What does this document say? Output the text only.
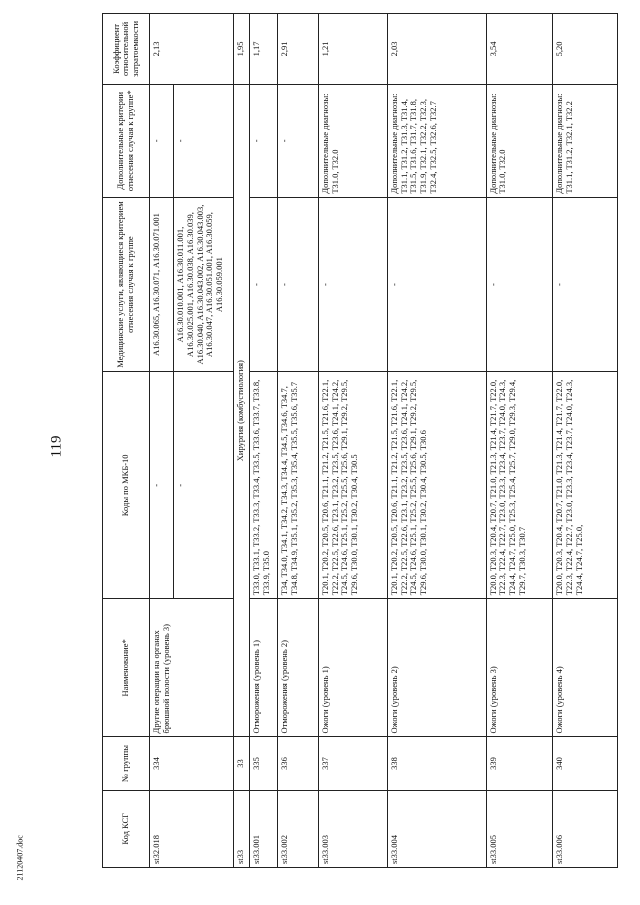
119
21120407.doc
Код КСГ	№ группы	Наименование*	Коды по МКБ-10	Медицинские услуги, являющиеся критерием отнесения случая к группе	Дополнительные критерии отнесения случая к группе*	Коэффициент относительной затратоемкости
st32.018	334	Другие операции на органах брюшной полости (уровень 3)	-	A16.30.065, A16.30.071, A16.30.071.001	-	2,13
			-	A16.30.010.001, A16.30.011.001, A16.30.025.001, A16.30.038, A16.30.039, A16.30.040, A16.30.043.002, A16.30.043.003, A16.30.047, A16.30.051.001, A16.30.059, A16.30.059.001	-	
st33	33	Хирургия (комбустиология)				1,95
st33.001	335	Отморожения (уровень 1)	T33.0, T33.1, T33.2, T33.3, T33.4, T33.5, T33.6, T33.7, T33.8, T33.9, T35.0	-	-	1,17
st33.002	336	Отморожения (уровень 2)	T34, T34.0, T34.1, T34.2, T34.3, T34.4, T34.5, T34.6, T34.7, T34.8, T34.9, T35.1, T35.2, T35.3, T35.4, T35.5, T35.6, T35.7	-	-	2,91
st33.003	337	Ожоги (уровень 1)	T20.1, T20.2, T20.5, T20.6, T21.1, T21.2, T21.5, T21.6, T22.1, T22.2, T22.5, T22.6, T23.1, T23.2, T23.5, T23.6, T24.1, T24.2, T24.5, T24.6, T25.1, T25.2, T25.5, T25.6, T29.1, T29.2, T29.5, T29.6, T30.0, T30.1, T30.2, T30.4, T30.5	-	Дополнительные диагнозы: T31.0, T32.0	1,21
st33.004	338	Ожоги (уровень 2)	T20.1, T20.2, T20.5, T20.6, T21.1, T21.2, T21.5, T21.6, T22.1, T22.2, T22.5, T22.6, T23.1, T23.2, T23.5, T23.6, T24.1, T24.2, T24.5, T24.6, T25.1, T25.2, T25.5, T25.6, T29.1, T29.2, T29.5, T29.6, T30.0, T30.1, T30.2, T30.4, T30.5, T30.6	-	Дополнительные диагнозы: T31.1, T31.2, T31.3, T31.4, T31.5, T31.6, T31.7, T31.8, T31.9, T32.1, T32.2, T32.3, T32.4, T32.5, T32.6, T32.7	2,03
st33.005	339	Ожоги (уровень 3)	T20.0, T20.3, T20.4, T20.7, T21.0, T21.3, T21.4, T21.7, T22.0, T22.3, T22.4, T22.7, T23.0, T23.3, T23.4, T23.7, T24.0, T24.3, T24.4, T24.7, T25.0, T25.3, T25.4, T25.7, T29.0, T29.3, T29.4, T29.7, T30.3, T30.7	-	Дополнительные диагнозы: T31.0, T32.0	3,54
st33.006	340	Ожоги (уровень 4)	T20.0, T20.3, T20.4, T20.7, T21.0, T21.3, T21.4, T21.7, T22.0, T22.3, T22.4, T22.7, T23.0, T23.3, T23.4, T23.7, T24.0, T24.3, T24.4, T24.7, T25.0,	-	Дополнительные диагнозы: T31.1, T31.2, T32.1, T32.2	5,20
